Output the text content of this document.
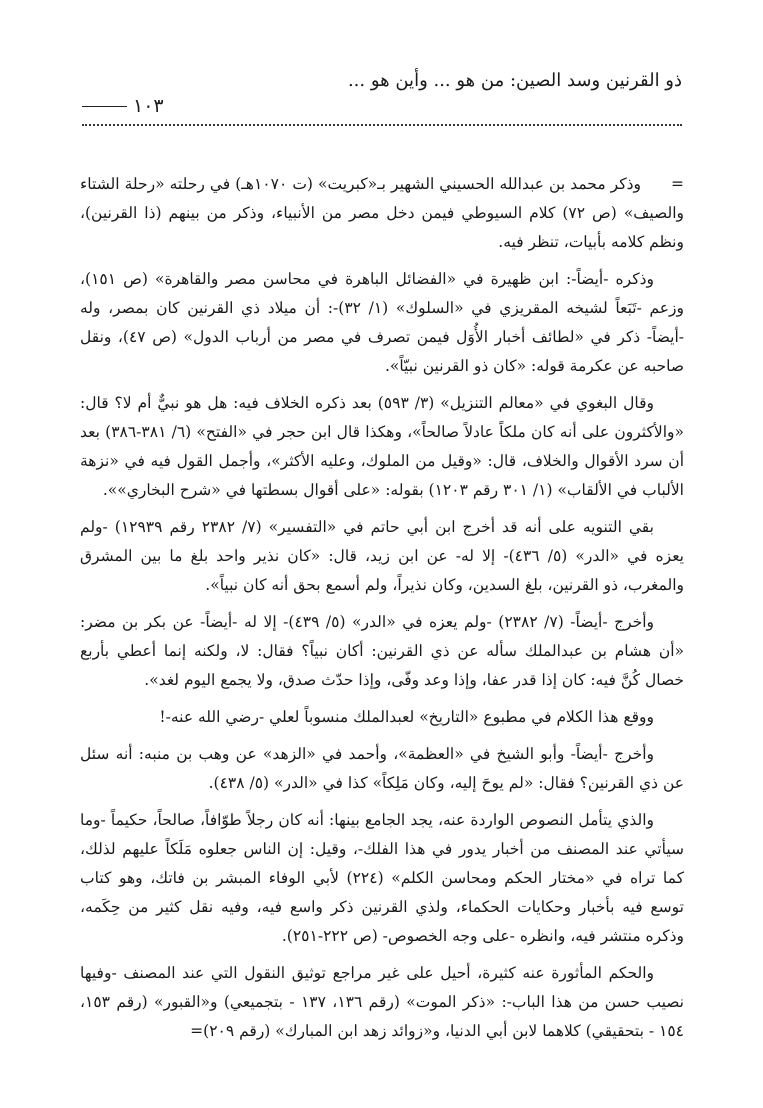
ذو القرنين وسد الصين: من هو ... وأين هو ...
١٠٣

=وذكر محمد بن عبدالله الحسيني الشهير بـ«كبريت» (ت ١٠٧٠هـ) في رحلته «رحلة الشتاء والصيف» (ص ٧٢) كلام السيوطي فيمن دخل مصر من الأنبياء، وذكر من بينهم (ذا القرنين)، ونظم كلامه بأبيات، تنظر فيه.

وذكره -أيضاً-: ابن ظهيرة في «الفضائل الباهرة في محاسن مصر والقاهرة» (ص ١٥١)، وزعم -تَبَعاً لشيخه المقريزي في «السلوك» (١/ ٣٢)-: أن ميلاد ذي القرنين كان بمصر، وله -أيضاً- ذكر في «لطائف أخبار الأُوَل فيمن تصرف في مصر من أرباب الدول» (ص ٤٧)، ونقل صاحبه عن عكرمة قوله: «كان ذو القرنين نبيّاً».

وقال البغوي في «معالم التنزيل» (٣/ ٥٩٣) بعد ذكره الخلاف فيه: هل هو نبيٌّ أم لا؟ قال: «والأكثرون على أنه كان ملكاً عادلاً صالحاً»، وهكذا قال ابن حجر في «الفتح» (٦/ ٣٨١-٣٨٦) بعد أن سرد الأقوال والخلاف، قال: «وقيل من الملوك، وعليه الأكثر»، وأجمل القول فيه في «نزهة الألباب في الألقاب» (١/ ٣٠١ رقم ١٢٠٣) بقوله: «على أقوال بسطتها في «شرح البخاري»».

بقي التنويه على أنه قد أخرج ابن أبي حاتم في «التفسير» (٧/ ٢٣٨٢ رقم ١٢٩٣٩) -ولم يعزه في «الدر» (٥/ ٤٣٦)- إلا له- عن ابن زيد، قال: «كان نذير واحد بلغ ما بين المشرق والمغرب، ذو القرنين، بلغ السدين، وكان نذيراً، ولم أسمع بحق أنه كان نبياً».

وأخرج -أيضاً- (٧/ ٢٣٨٢) -ولم يعزه في «الدر» (٥/ ٤٣٩)- إلا له -أيضاً- عن بكر بن مضر: «أن هشام بن عبدالملك سأله عن ذي القرنين: أكان نبياً؟ فقال: لا، ولكنه إنما أعطي بأربع خصال كُنَّ فيه: كان إذا قدر عفا، وإذا وعد وفّى، وإذا حدّث صدق، ولا يجمع اليوم لغد».

ووقع هذا الكلام في مطبوع «التاريخ» لعبدالملك منسوباً لعلي -رضي الله عنه-!

وأخرج -أيضاً- وأبو الشيخ في «العظمة»، وأحمد في «الزهد» عن وهب بن منبه: أنه سئل عن ذي القرنين؟ فقال: «لم يوحَ إليه، وكان مَلِكاً» كذا في «الدر» (٥/ ٤٣٨).

والذي يتأمل النصوص الواردة عنه، يجد الجامع بينها: أنه كان رجلاً طوّافاً، صالحاً، حكيماً -وما سيأتي عند المصنف من أخبار يدور في هذا الفلك-، وقيل: إن الناس جعلوه مَلَكاً عليهم لذلك، كما تراه في «مختار الحكم ومحاسن الكلم» (٢٢٤) لأبي الوفاء المبشر بن فاتك، وهو كتاب توسع فيه بأخبار وحكايات الحكماء، ولذي القرنين ذكر واسع فيه، وفيه نقل كثير من حِكَمه، وذكره منتشر فيه، وانظره -على وجه الخصوص- (ص ٢٢٢-٢٥١).

والحكم المأثورة عنه كثيرة، أحيل على غير مراجع توثيق النقول التي عند المصنف -وفيها نصيب حسن من هذا الباب-: «ذكر الموت» (رقم ١٣٦، ١٣٧ - بتجميعي) و«القبور» (رقم ١٥٣، ١٥٤ - بتحقيقي) كلاهما لابن أبي الدنيا، و«زوائد زهد ابن المبارك» (رقم ٢٠٩)=
